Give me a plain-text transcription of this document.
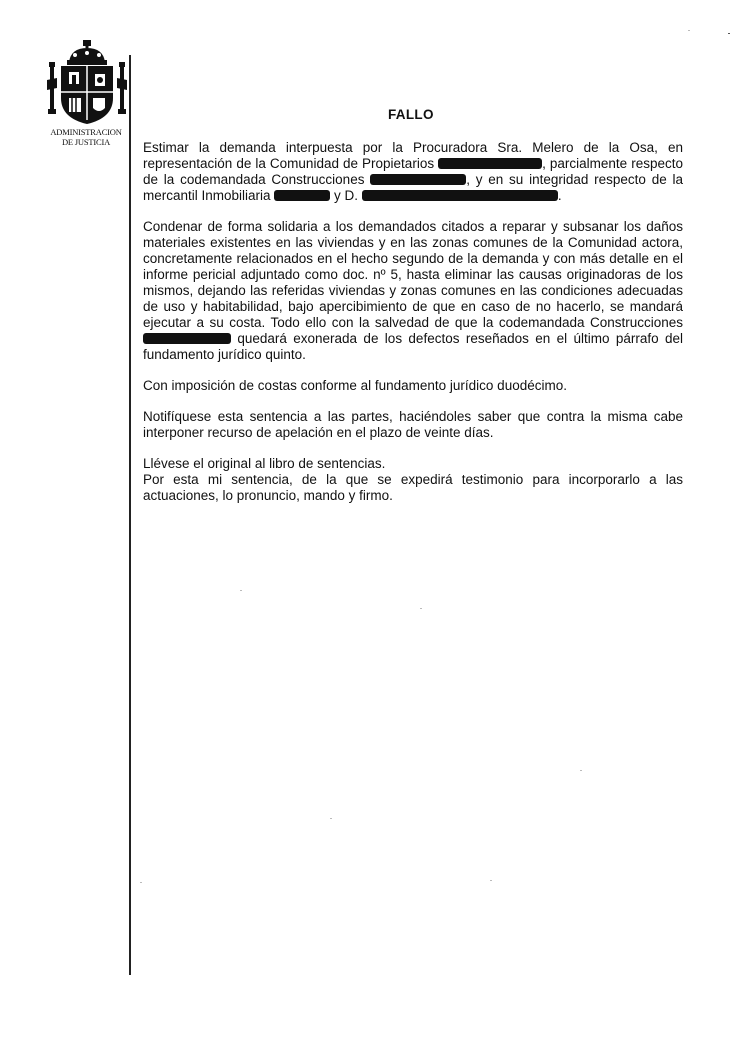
ADMINISTRACION
DE JUSTICIA
FALLO

Estimar la demanda interpuesta por la Procuradora Sra. Melero de la Osa, en representación de la Comunidad de Propietarios	, parcialmente respecto de la codemandada Construcciones	, y en su integridad respecto de la mercantil Inmobiliaria	y D.	.

Condenar de forma solidaria a los demandados citados a reparar y subsanar los daños materiales existentes en las viviendas y en las zonas comunes de la Comunidad actora, concretamente relacionados en el hecho segundo de la demanda y con más detalle en el informe pericial adjuntado como doc. nº 5, hasta eliminar las causas originadoras de los mismos, dejando las referidas viviendas y zonas comunes en las condiciones adecuadas de uso y habitabilidad, bajo apercibimiento de que en caso de no hacerlo, se mandará ejecutar a su costa. Todo ello con la salvedad de que la codemandada Construcciones quedará exonerada de los defectos reseñados en el último párrafo del fundamento jurídico quinto.

Con imposición de costas conforme al fundamento jurídico duodécimo.

Notifíquese esta sentencia a las partes, haciéndoles saber que contra la misma cabe interponer recurso de apelación en el plazo de veinte días.

Llévese el original al libro de sentencias.

Por esta mi sentencia, de la que se expedirá testimonio para incorporarlo a las actuaciones, lo pronuncio, mando y firmo.
